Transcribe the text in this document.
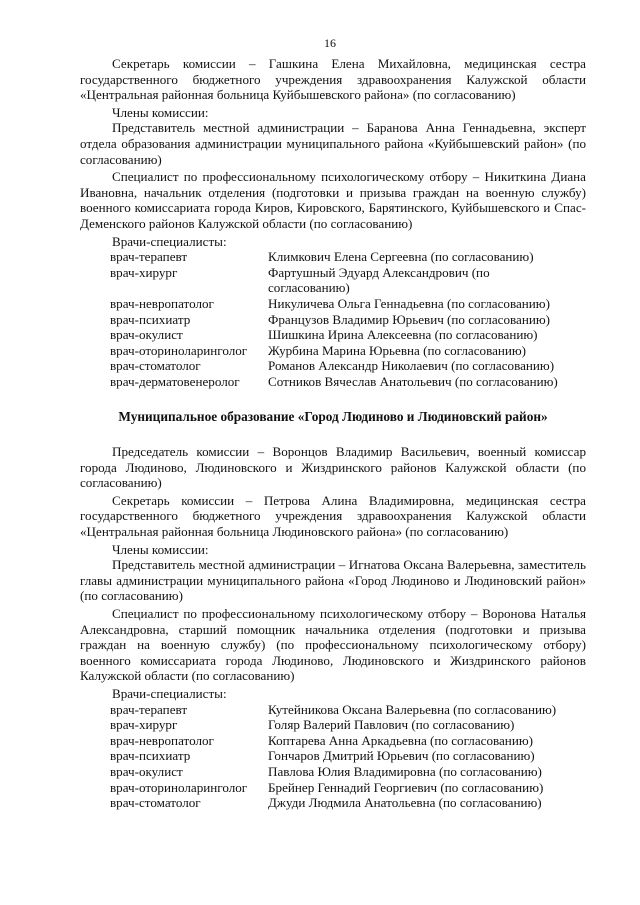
16

Секретарь комиссии – Гашкина Елена Михайловна, медицинская сестра государственного бюджетного учреждения здравоохранения Калужской области «Центральная районная больница Куйбышевского района» (по согласованию)

Члены комиссии:

Представитель местной администрации – Баранова Анна Геннадьевна, эксперт отдела образования администрации муниципального района «Куйбышевский район» (по согласованию)

Специалист по профессиональному психологическому отбору – Никиткина Диана Ивановна, начальник отделения (подготовки и призыва граждан на военную службу) военного комиссариата города Киров, Кировского, Барятинского, Куйбышевского и Спас-Деменского районов Калужской области (по согласованию)

Врачи-специалисты:

врач-терапевт	Климкович Елена Сергеевна (по согласованию)
врач-хирург	Фартушный Эдуард Александрович (по согласованию)
врач-невропатолог	Никуличева Ольга Геннадьевна (по согласованию)
врач-психиатр	Французов Владимир Юрьевич (по согласованию)
врач-окулист	Шишкина Ирина Алексеевна (по согласованию)
врач-оториноларинголог	Журбина Марина Юрьевна (по согласованию)
врач-стоматолог	Романов Александр Николаевич (по согласованию)
врач-дерматовенеролог	Сотников Вячеслав Анатольевич (по согласованию)
Муниципальное образование «Город Людиново и Людиновский район»

Председатель комиссии – Воронцов Владимир Васильевич, военный комиссар города Людиново, Людиновского и Жиздринского районов Калужской области (по согласованию)

Секретарь комиссии – Петрова Алина Владимировна, медицинская сестра государственного бюджетного учреждения здравоохранения Калужской области «Центральная районная больница Людиновского района» (по согласованию)

Члены комиссии:

Представитель местной администрации – Игнатова Оксана Валерьевна, заместитель главы администрации муниципального района «Город Людиново и Людиновский район» (по согласованию)

Специалист по профессиональному психологическому отбору – Воронова Наталья Александровна, старший помощник начальника отделения (подготовки и призыва граждан на военную службу) (по профессиональному психологическому отбору) военного комиссариата города Людиново, Людиновского и Жиздринского районов Калужской области (по согласованию)

Врачи-специалисты:

врач-терапевт	Кутейникова Оксана Валерьевна (по согласованию)
врач-хирург	Голяр Валерий Павлович (по согласованию)
врач-невропатолог	Коптарева Анна Аркадьевна (по согласованию)
врач-психиатр	Гончаров Дмитрий Юрьевич (по согласованию)
врач-окулист	Павлова Юлия Владимировна (по согласованию)
врач-оториноларинголог	Брейнер Геннадий Георгиевич (по согласованию)
врач-стоматолог	Джуди Людмила Анатольевна (по согласованию)
